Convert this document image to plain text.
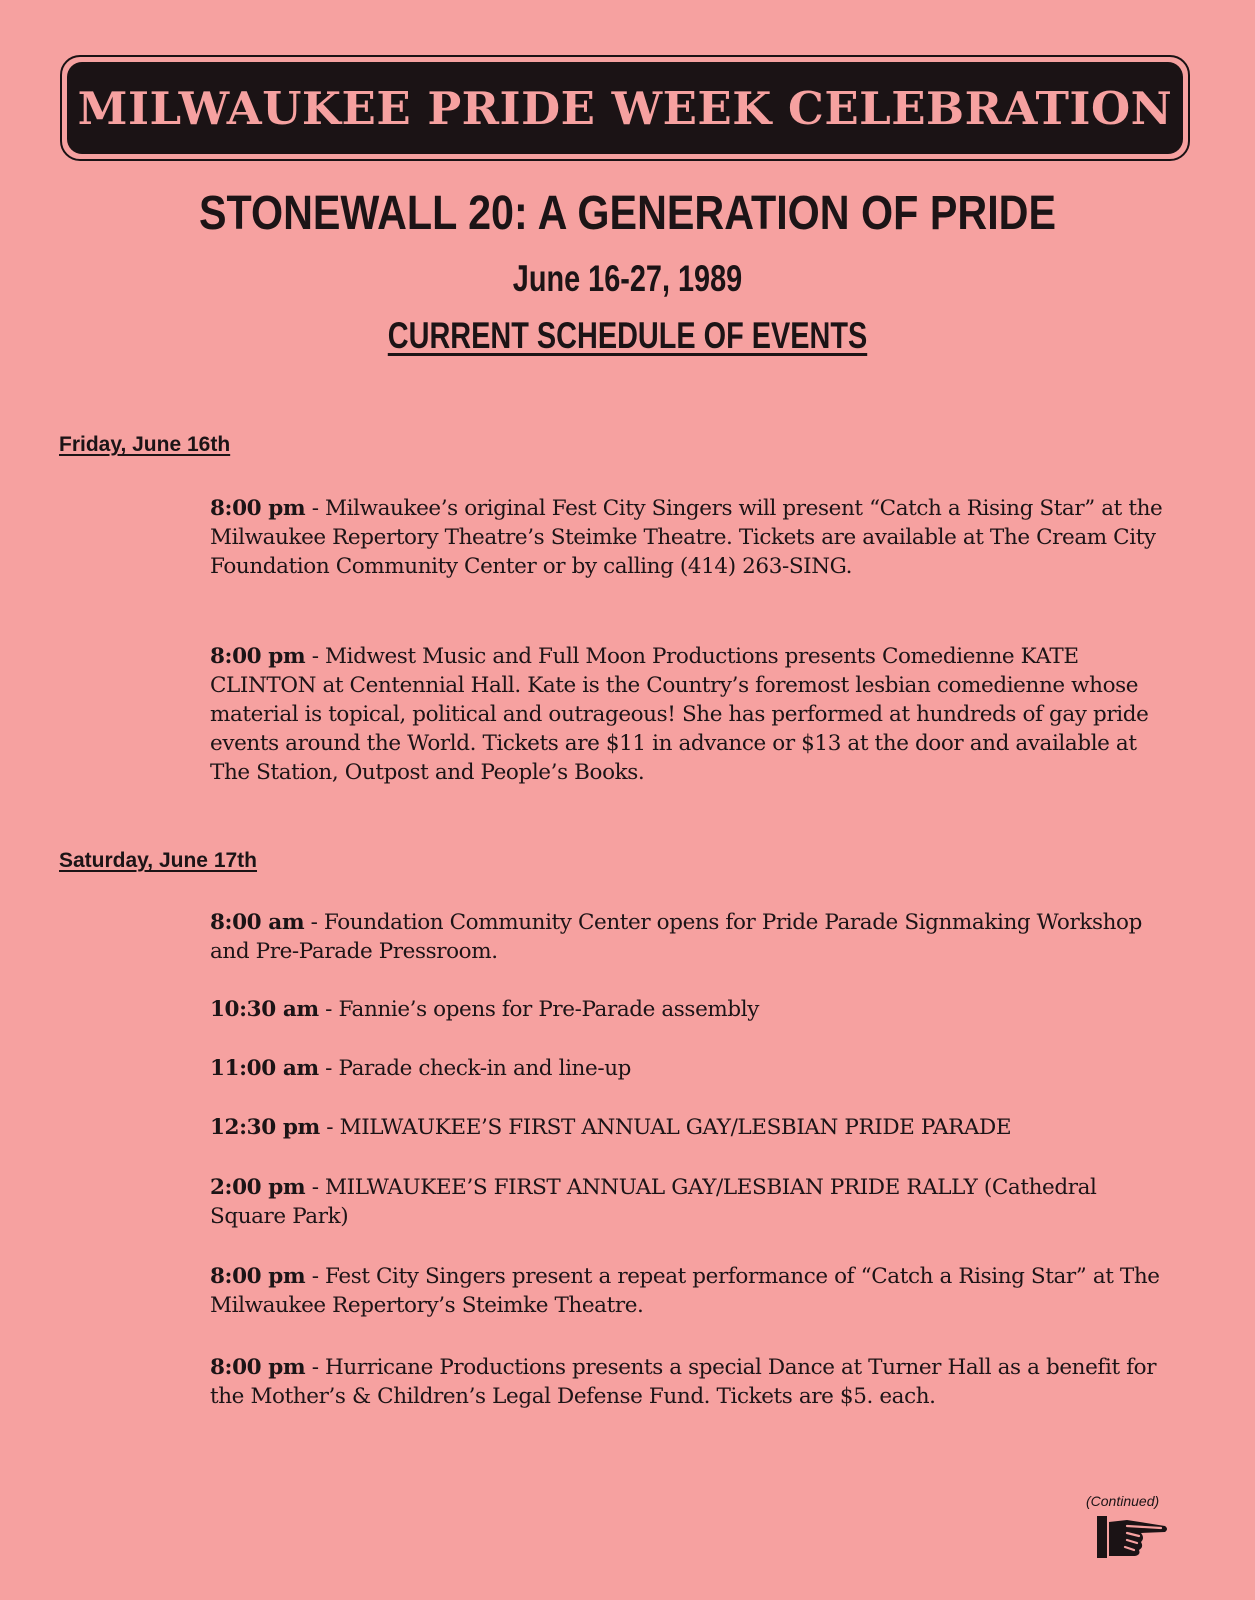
MILWAUKEE PRIDE WEEK CELEBRATION
STONEWALL 20: A GENERATION OF PRIDE
June 16-27, 1989
CURRENT SCHEDULE OF EVENTS
Friday, June 16th
8:00 pm - Milwaukee’s original Fest City Singers will present “Catch a Rising Star” at the Milwaukee Repertory Theatre’s Steimke Theatre. Tickets are available at The Cream City Foundation Community Center or by calling (414) 263-SING.
8:00 pm - Midwest Music and Full Moon Productions presents Comedienne KATE CLINTON at Centennial Hall. Kate is the Country’s foremost lesbian comedienne whose material is topical, political and outrageous! She has performed at hundreds of gay pride events around the World. Tickets are $11 in advance or $13 at the door and available at The Station, Outpost and People’s Books.
Saturday, June 17th
8:00 am - Foundation Community Center opens for Pride Parade Signmaking Workshop and Pre-Parade Pressroom.
10:30 am - Fannie’s opens for Pre-Parade assembly
11:00 am - Parade check-in and line-up
12:30 pm - MILWAUKEE’S FIRST ANNUAL GAY/LESBIAN PRIDE PARADE
2:00 pm - MILWAUKEE’S FIRST ANNUAL GAY/LESBIAN PRIDE RALLY (Cathedral Square Park)
8:00 pm - Fest City Singers present a repeat performance of “Catch a Rising Star” at The Milwaukee Repertory’s Steimke Theatre.
8:00 pm - Hurricane Productions presents a special Dance at Turner Hall as a benefit for the Mother’s & Children’s Legal Defense Fund. Tickets are $5. each.
(Continued)
